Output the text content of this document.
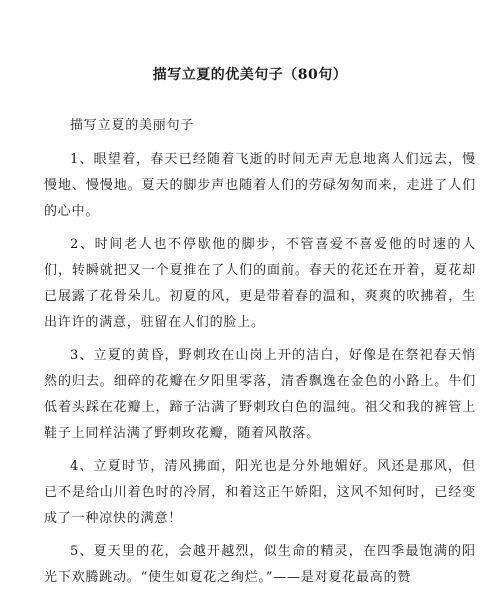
描写立夏的优美句子（80句）

描写立夏的美丽句子

1、眼望着，春天已经随着飞逝的时间无声无息地离人们远去，慢慢地、慢慢地。夏天的脚步声也随着人们的劳碌匆匆而来，走进了人们的心中。

2、时间老人也不停歇他的脚步，不管喜爱不喜爱他的时速的人们，转瞬就把又一个夏推在了人们的面前。春天的花还在开着，夏花却已展露了花骨朵儿。初夏的风，更是带着春的温和，爽爽的吹拂着，生出许许的满意，驻留在人们的脸上。

3、立夏的黄昏，野刺玫在山岗上开的洁白，好像是在祭祀春天悄然的归去。细碎的花瓣在夕阳里零落，清香飘逸在金色的小路上。牛们低着头踩在花瓣上，蹄子沾满了野刺玫白色的温纯。祖父和我的裤管上鞋子上同样沾满了野刺玫花瓣，随着风散落。

4、立夏时节，清风拂面，阳光也是分外地媚好。风还是那风，但已不是给山川着色时的冷屑，和着这正午娇阳，这风不知何时，已经变成了一种凉快的满意！

5、夏天里的花，会越开越烈，似生命的精灵，在四季最饱满的阳光下欢腾跳动。“使生如夏花之绚烂。”——是对夏花最高的赞
